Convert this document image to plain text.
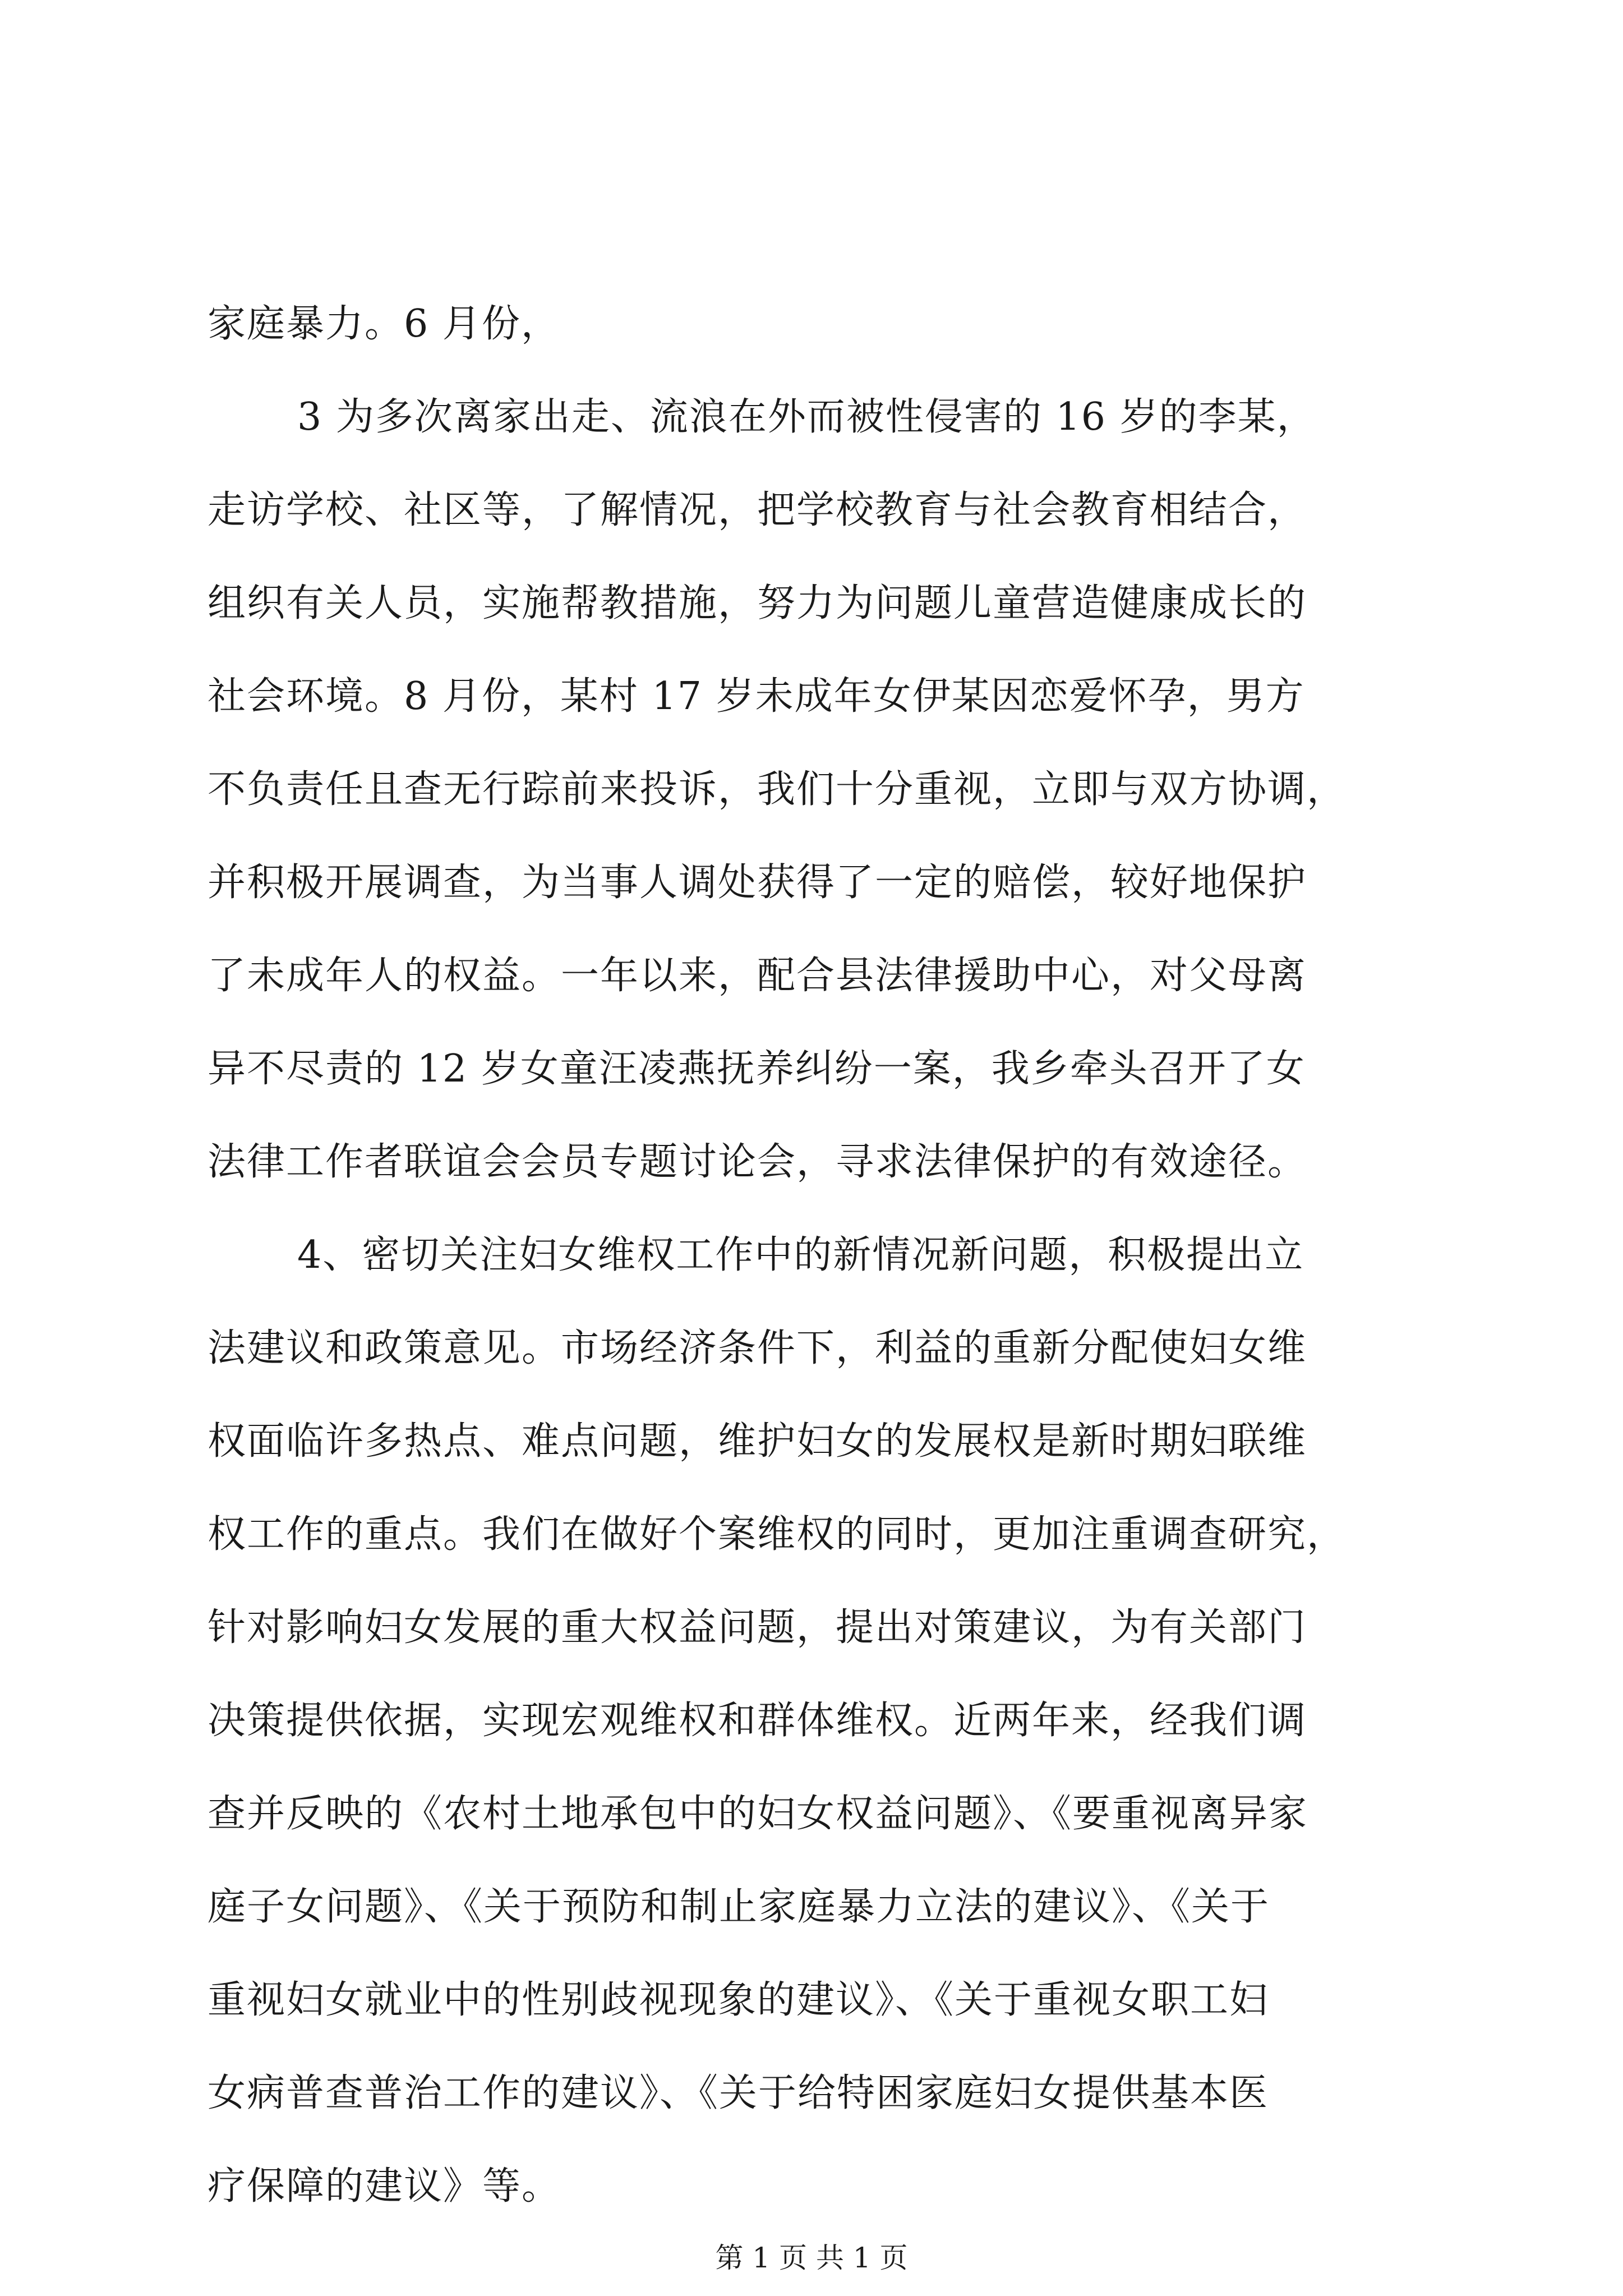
家庭暴力。6 月份，
3 为多次离家出走、流浪在外而被性侵害的 16 岁的李某，
走访学校、社区等，了解情况，把学校教育与社会教育相结合，
组织有关人员，实施帮教措施，努力为问题儿童营造健康成长的
社会环境。8 月份，某村 17 岁未成年女伊某因恋爱怀孕，男方
不负责任且查无行踪前来投诉，我们十分重视，立即与双方协调，
并积极开展调查，为当事人调处获得了一定的赔偿，较好地保护
了未成年人的权益。一年以来，配合县法律援助中心，对父母离
异不尽责的 12 岁女童汪凌燕抚养纠纷一案，我乡牵头召开了女
法律工作者联谊会会员专题讨论会，寻求法律保护的有效途径。
4、密切关注妇女维权工作中的新情况新问题，积极提出立
法建议和政策意见。市场经济条件下，利益的重新分配使妇女维
权面临许多热点、难点问题，维护妇女的发展权是新时期妇联维
权工作的重点。我们在做好个案维权的同时，更加注重调查研究，
针对影响妇女发展的重大权益问题，提出对策建议，为有关部门
决策提供依据，实现宏观维权和群体维权。近两年来，经我们调
查并反映的《农村土地承包中的妇女权益问题》、《要重视离异家
庭子女问题》、《关于预防和制止家庭暴力立法的建议》、《关于
重视妇女就业中的性别歧视现象的建议》、《关于重视女职工妇
女病普查普治工作的建议》、《关于给特困家庭妇女提供基本医
疗保障的建议》等。
第 1 页 共 1 页
